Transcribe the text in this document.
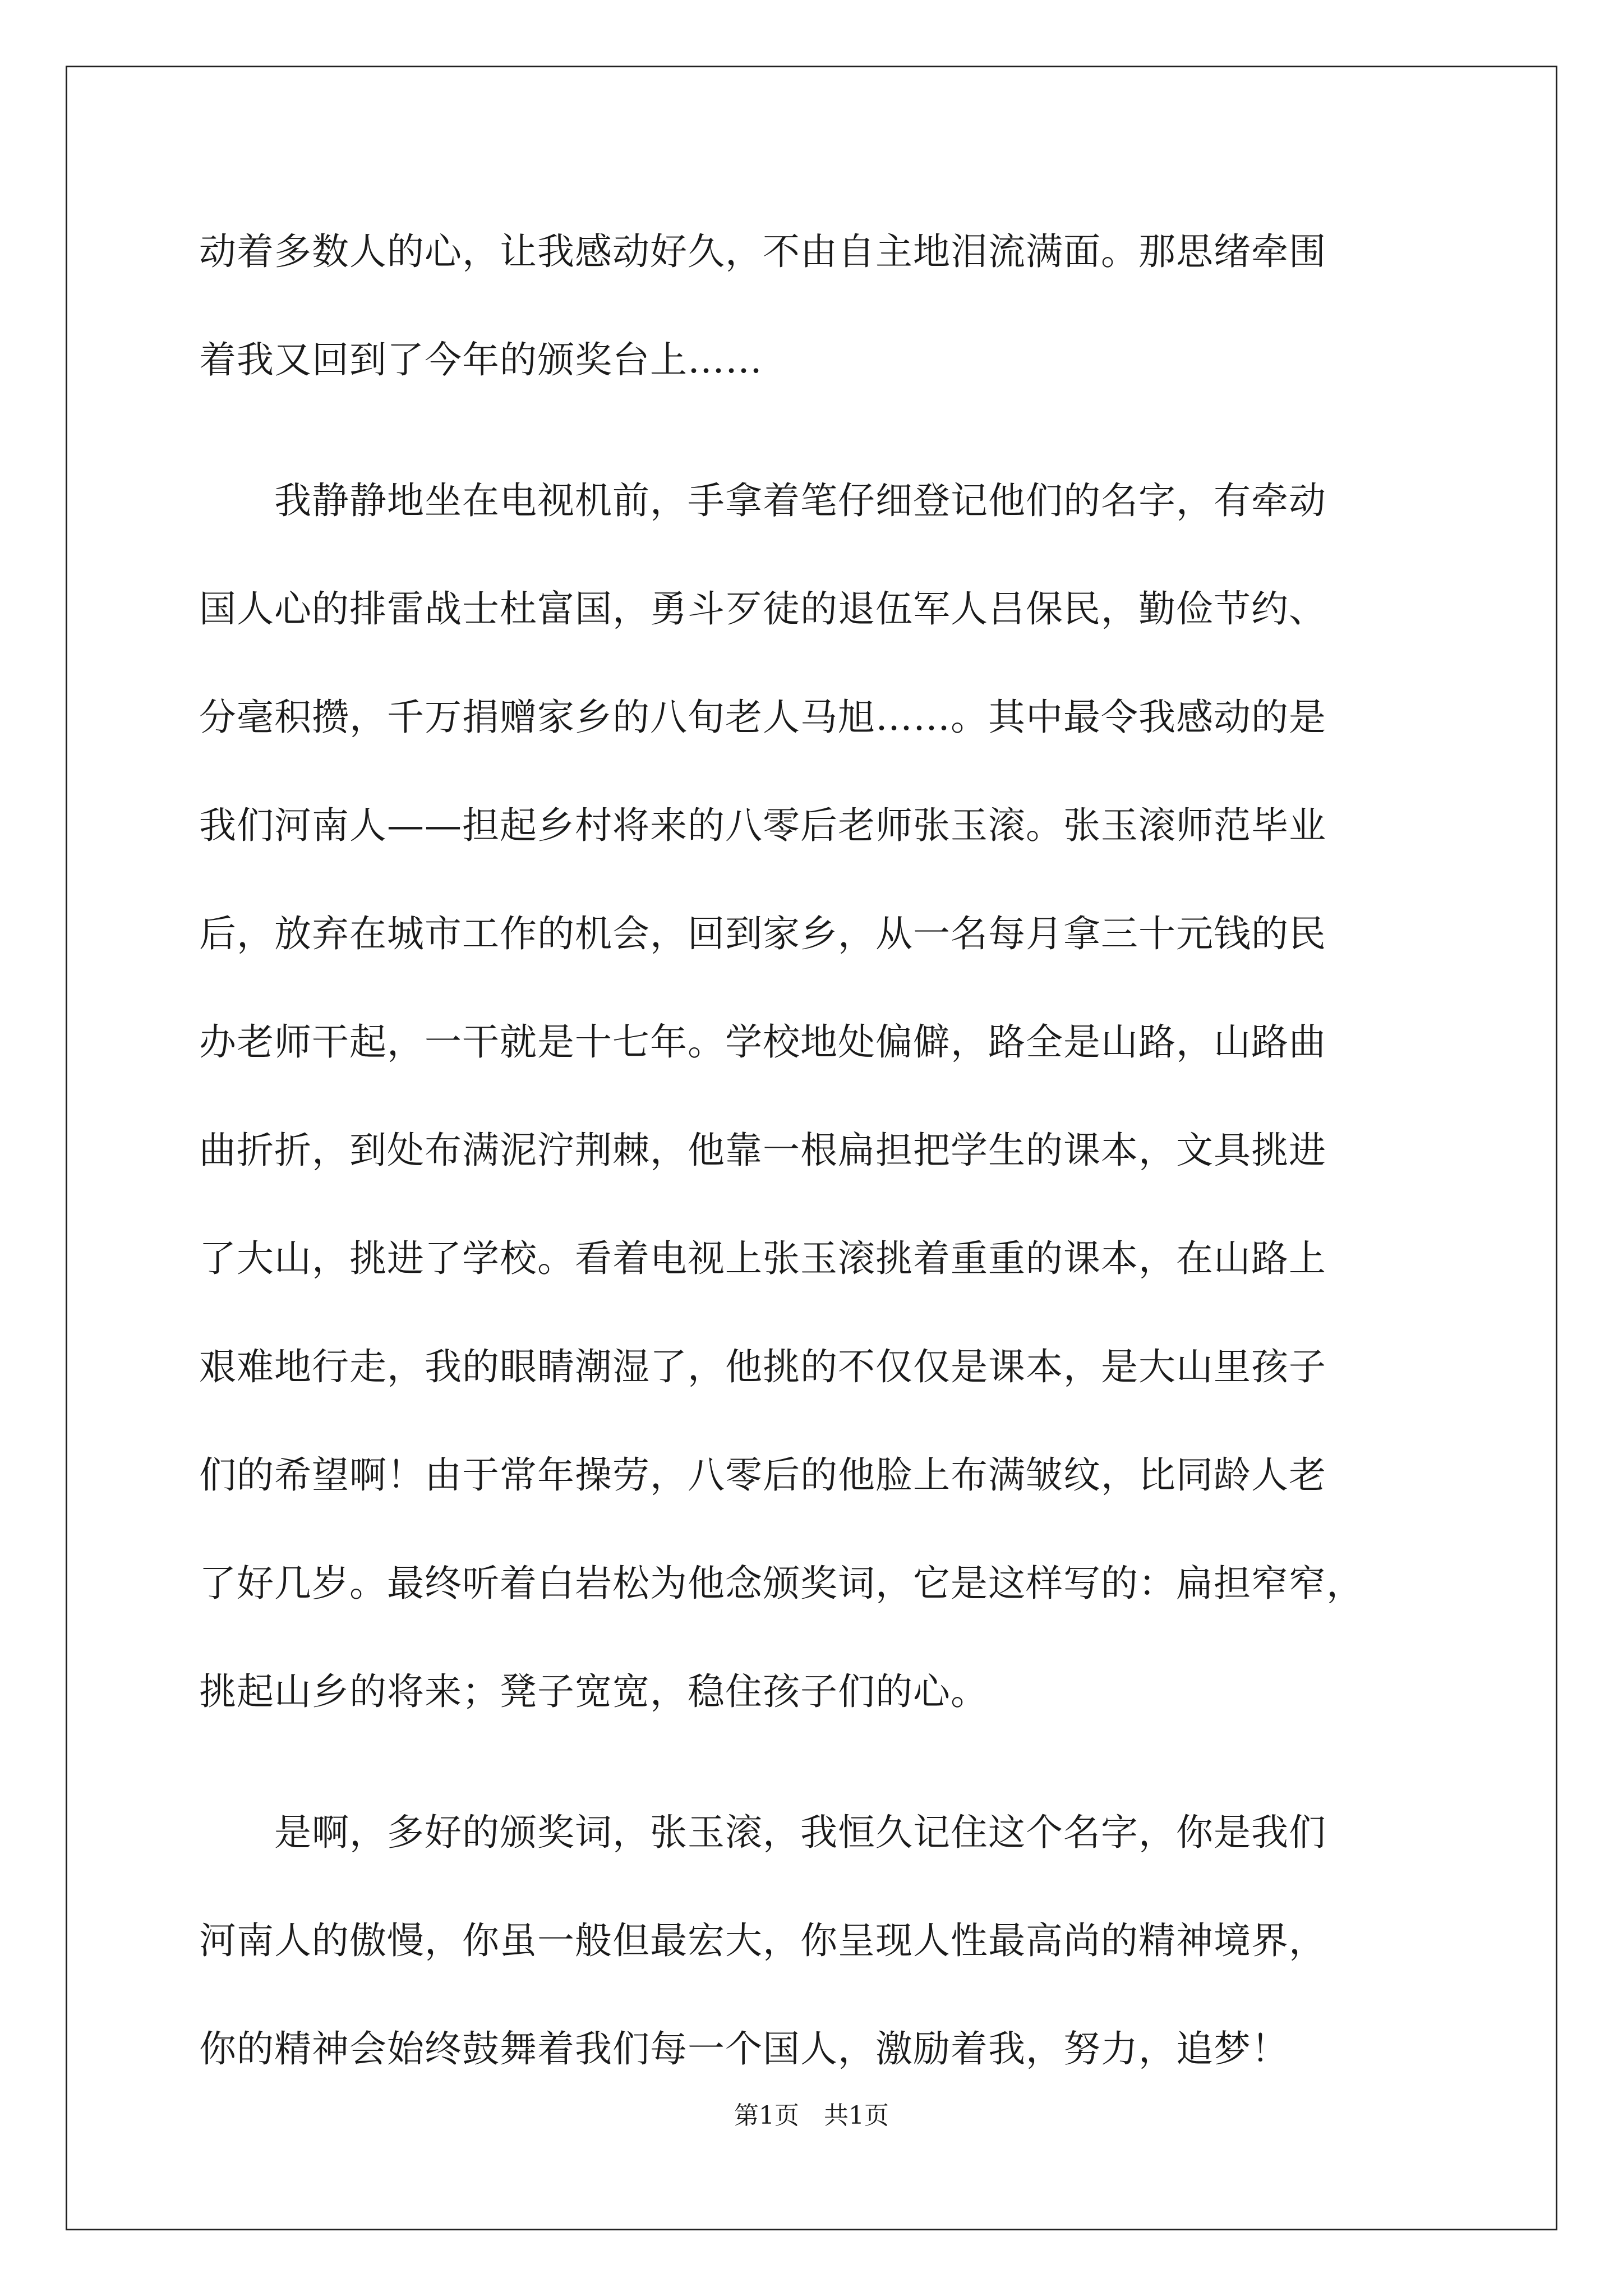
动着多数人的心，让我感动好久，不由自主地泪流满面。那思绪牵围
着我又回到了今年的颁奖台上……
　　我静静地坐在电视机前，手拿着笔仔细登记他们的名字，有牵动
国人心的排雷战士杜富国，勇斗歹徒的退伍军人吕保民，勤俭节约、
分毫积攒，千万捐赠家乡的八旬老人马旭……。其中最令我感动的是
我们河南人——担起乡村将来的八零后老师张玉滚。张玉滚师范毕业
后，放弃在城市工作的机会，回到家乡，从一名每月拿三十元钱的民
办老师干起，一干就是十七年。学校地处偏僻，路全是山路，山路曲
曲折折，到处布满泥泞荆棘，他靠一根扁担把学生的课本，文具挑进
了大山，挑进了学校。看着电视上张玉滚挑着重重的课本，在山路上
艰难地行走，我的眼睛潮湿了，他挑的不仅仅是课本，是大山里孩子
们的希望啊！由于常年操劳，八零后的他脸上布满皱纹，比同龄人老
了好几岁。最终听着白岩松为他念颁奖词，它是这样写的：扁担窄窄，
挑起山乡的将来；凳子宽宽，稳住孩子们的心。
　　是啊，多好的颁奖词，张玉滚，我恒久记住这个名字，你是我们
河南人的傲慢，你虽一般但最宏大，你呈现人性最高尚的精神境界，
你的精神会始终鼓舞着我们每一个国人，激励着我，努力，追梦！
第1页　共1页
